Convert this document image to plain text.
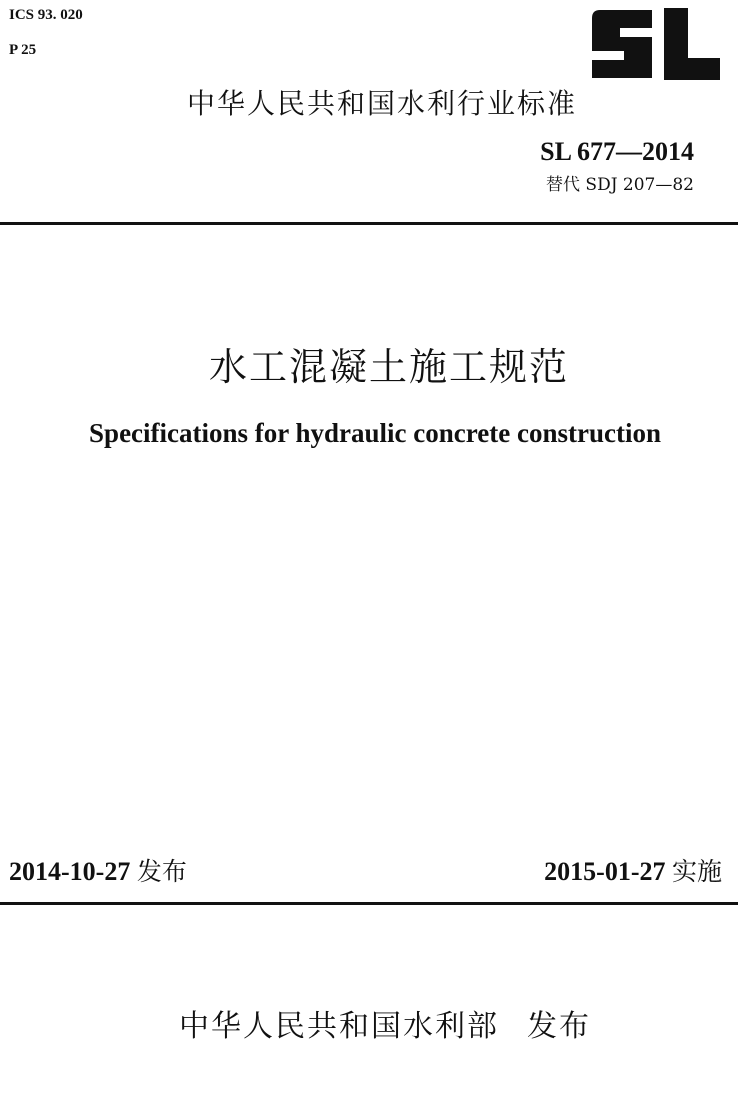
ICS 93. 020
P 25
中华人民共和国水利行业标准
SL 677—2014
替代 SDJ 207—82
水工混凝土施工规范
Specifications for hydraulic concrete construction
2014-10-27 发布	2015-01-27 实施
中华人民共和国水利部 发布
